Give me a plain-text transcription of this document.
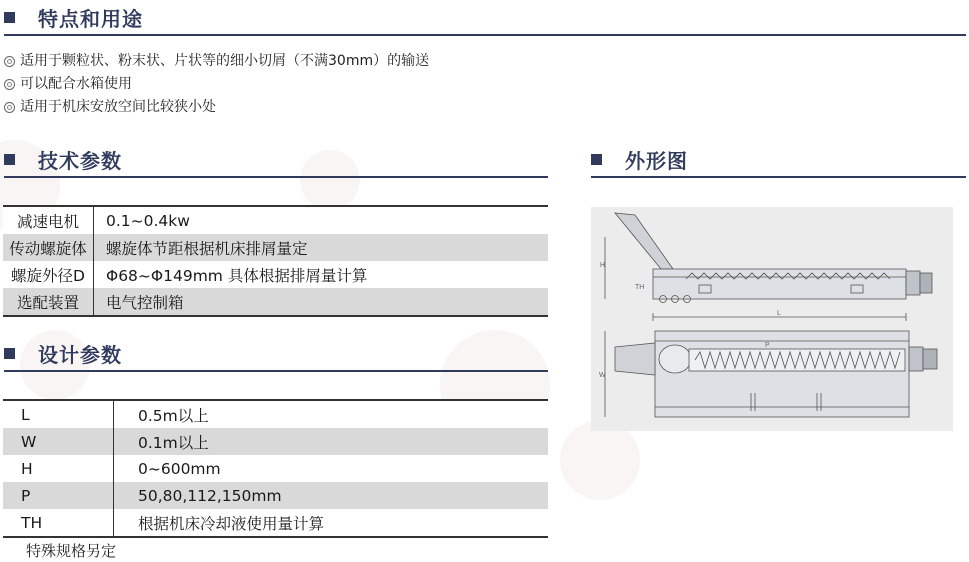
特点和用途
适用于颗粒状、粉末状、片状等的细小切屑（不满30mm）的输送
可以配合水箱使用
适用于机床安放空间比较狭小处
技术参数
减速电机	0.1~0.4kw
传动螺旋体	螺旋体节距根据机床排屑量定
螺旋外径D	Φ68~Φ149mm 具体根据排屑量计算
选配装置	电气控制箱
设计参数
L	0.5m以上
W	0.1m以上
H	0~600mm
P	50,80,112,150mm
TH	根据机床冷却液使用量计算
特殊规格另定
外形图
H
TH
L
W
P
